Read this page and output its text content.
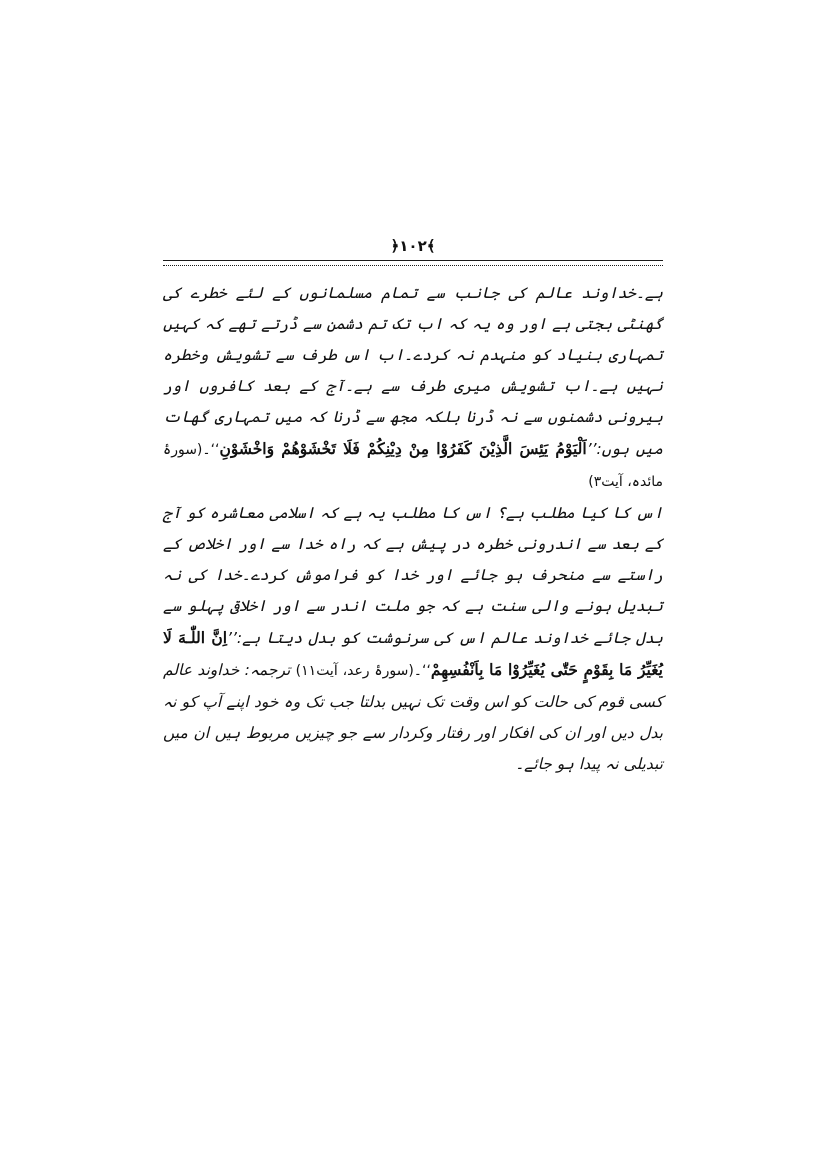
﴿۱۰۲﴾

ہے۔خداوند عالم کی جانب سے تمام مسلمانوں کے لئے خطرے کی گھنٹی بجتی ہے اور وہ یہ کہ اب تک تم دشمن سے ڈرتے تھے کہ کہیں تمہاری بنیاد کو منہدم نہ کردے۔اب اس طرف سے تشویش وخطرہ نہیں ہے۔اب تشویش میری طرف سے ہے۔آج کے بعد کافروں اور بیرونی دشمنوں سے نہ ڈرنا بلکہ مجھ سے ڈرنا کہ میں تمہاری گھات میں ہوں:’’اَلْيَوْمُ يَئِسَ الَّذِيْنَ كَفَرُوْا مِنْ دِيْنِكُمْ فَلَا تَخْشَوْهُمْ وَاخْشَوْنِ‘‘۔(سورۂ مائدہ، آیت۳)

اس کا کیا مطلب ہے؟ اس کا مطلب یہ ہے کہ اسلامی معاشرہ کو آج کے بعد سے اندرونی خطرہ در پیش ہے کہ راہ خدا سے اور اخلاص کے راستے سے منحرف ہو جائے اور خدا کو فراموش کردے۔خدا کی نہ تبدیل ہونے والی سنت ہے کہ جو ملت اندر سے اور اخلاقی پہلو سے بدل جائے خداوند عالم اس کی سرنوشت کو بدل دیتا ہے:’’اِنَّ اللّٰـهَ لَا يُغَيِّرُ مَا بِقَوْمٍ حَتّٰى يُغَيِّرُوْا مَا بِاَنْفُسِهِمْ‘‘۔(سورۂ رعد، آیت۱۱) ترجمہ: خداوند عالم کسی قوم کی حالت کو اس وقت تک نہیں بدلتا جب تک وہ خود اپنے آپ کو نہ بدل دیں اور ان کی افکار اور رفتار وکردار سے جو چیزیں مربوط ہیں ان میں تبدیلی نہ پیدا ہو جائے۔
